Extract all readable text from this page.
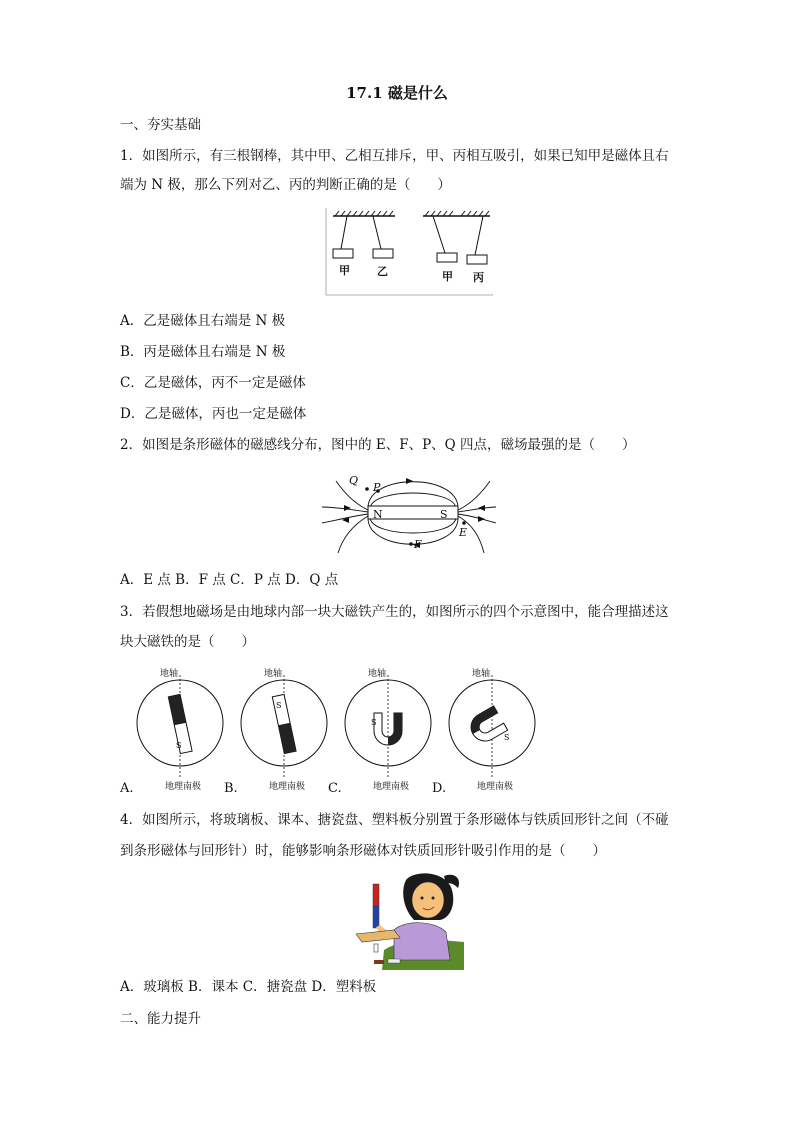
17.1 磁是什么
一、夯实基础
1．如图所示，有三根钢棒，其中甲、乙相互排斥，甲、丙相互吸引，如果已知甲是磁体且右
端为 N 极，那么下列对乙、丙的判断正确的是（　　）
甲 乙	甲 丙
A．乙是磁体且右端是 N 极
B．丙是磁体且右端是 N 极
C．乙是磁体，丙不一定是磁体
D．乙是磁体，丙也一定是磁体
2．如图是条形磁体的磁感线分布，图中的 E、F、P、Q 四点，磁场最强的是（　　）
N	S
Q
P
F
E
A．E 点 B．F 点 C．P 点 D．Q 点
3．若假想地磁场是由地球内部一块大磁铁产生的，如图所示的四个示意图中，能合理描述这
块大磁铁的是（　　）
地轴	地轴	地轴	地轴
地理南极	地理南极	地理南极	地理南极
A.	B.	C.	D.
S
S
S
S
4．如图所示，将玻璃板、课本、搪瓷盘、塑料板分别置于条形磁体与铁质回形针之间（不碰
到条形磁体与回形针）时，能够影响条形磁体对铁质回形针吸引作用的是（　　）
A．玻璃板 B．课本 C．搪瓷盘 D．塑料板
二、能力提升
